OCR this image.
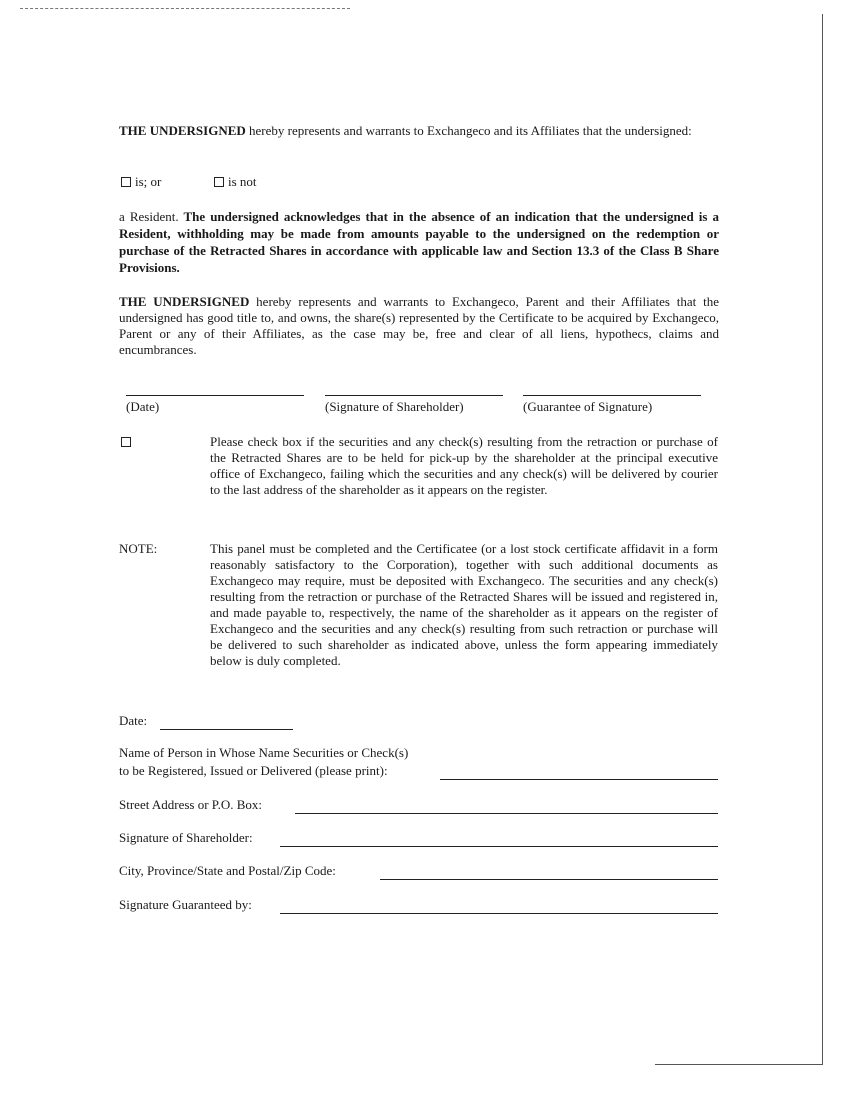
THE UNDERSIGNED hereby represents and warrants to Exchangeco and its Affiliates that the undersigned:

is; or	is not

a Resident. The undersigned acknowledges that in the absence of an indication that the undersigned is a Resident, withholding may be made from amounts payable to the undersigned on the redemption or purchase of the Retracted Shares in accordance with applicable law and Section 13.3 of the Class B Share Provisions.

THE UNDERSIGNED hereby represents and warrants to Exchangeco, Parent and their Affiliates that the undersigned has good title to, and owns, the share(s) represented by the Certificate to be acquired by Exchangeco, Parent or any of their Affiliates, as the case may be, free and clear of all liens, hypothecs, claims and encumbrances.

(Date)	(Signature of Shareholder)	(Guarantee of Signature)

Please check box if the securities and any check(s) resulting from the retraction or purchase of the Retracted Shares are to be held for pick-up by the shareholder at the principal executive office of Exchangeco, failing which the securities and any check(s) will be delivered by courier to the last address of the shareholder as it appears on the register.

NOTE:	This panel must be completed and the Certificatee (or a lost stock certificate affidavit in a form reasonably satisfactory to the Corporation), together with such additional documents as Exchangeco may require, must be deposited with Exchangeco. The securities and any check(s) resulting from the retraction or purchase of the Retracted Shares will be issued and registered in, and made payable to, respectively, the name of the shareholder as it appears on the register of Exchangeco and the securities and any check(s) resulting from such retraction or purchase will be delivered to such shareholder as indicated above, unless the form appearing immediately below is duly completed.

Date:
Name of Person in Whose Name Securities or Check(s)
to be Registered, Issued or Delivered (please print):
Street Address or P.O. Box:
Signature of Shareholder:
City, Province/State and Postal/Zip Code:
Signature Guaranteed by:
